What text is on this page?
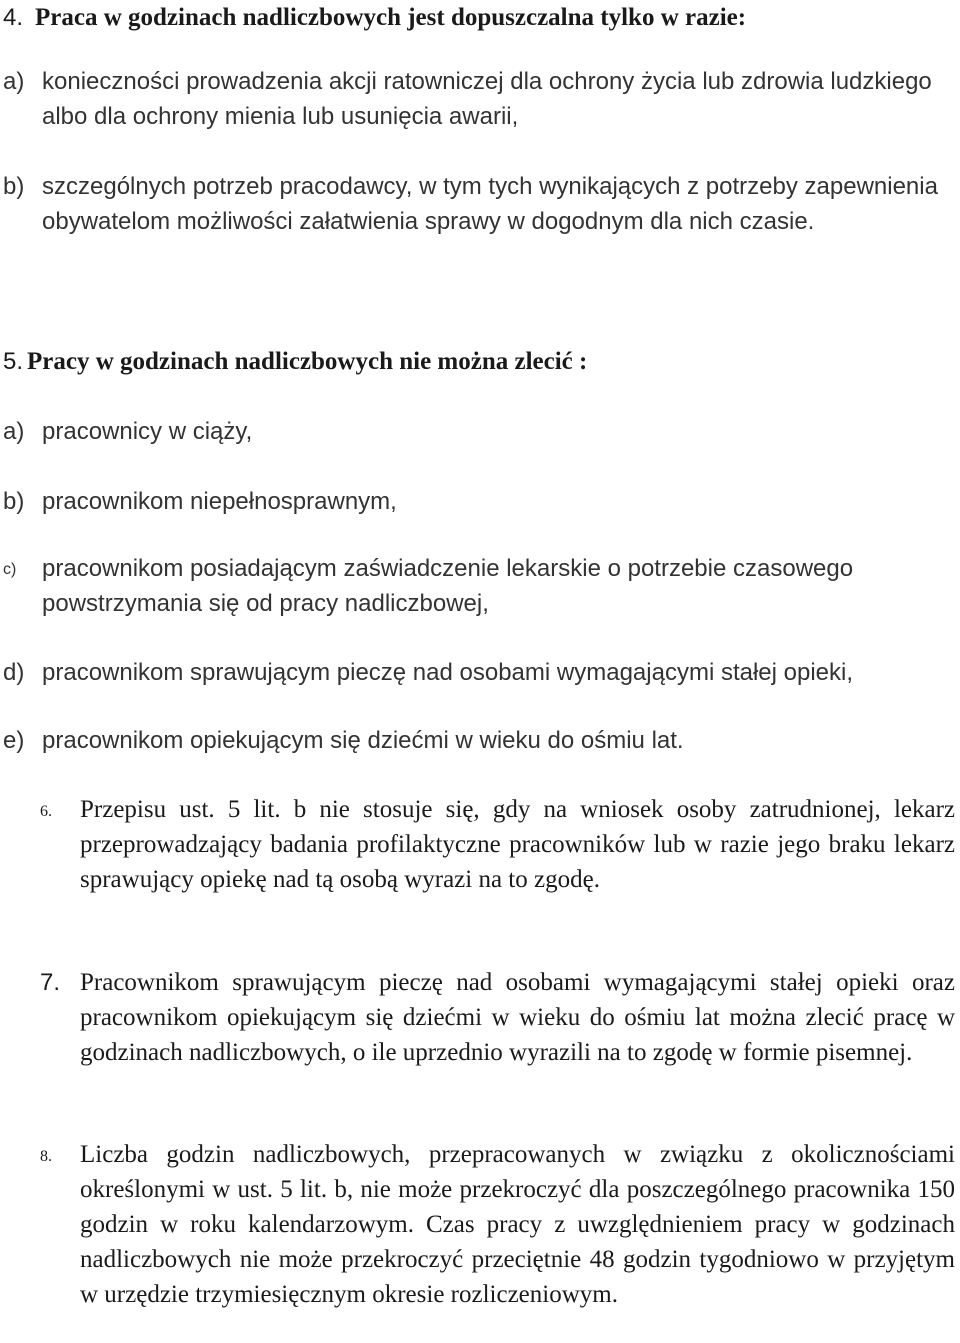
4. Praca w godzinach nadliczbowych jest dopuszczalna tylko w razie:
a) konieczności prowadzenia akcji ratowniczej dla ochrony życia lub zdrowia ludzkiego albo dla ochrony mienia lub usunięcia awarii,
b) szczególnych potrzeb pracodawcy, w tym tych wynikających z potrzeby zapewnienia obywatelom możliwości załatwienia sprawy w dogodnym dla nich czasie.
5. Pracy w godzinach nadliczbowych nie można zlecić :
a) pracownicy w ciąży,
b) pracownikom niepełnosprawnym,
c) pracownikom posiadającym zaświadczenie lekarskie o potrzebie czasowego powstrzymania się od pracy nadliczbowej,
d) pracownikom sprawującym pieczę nad osobami wymagającymi stałej opieki,
e) pracownikom opiekującym się dziećmi w wieku do ośmiu lat.
6. Przepisu ust. 5 lit. b nie stosuje się, gdy na wniosek osoby zatrudnionej, lekarz przeprowadzający badania profilaktyczne pracowników lub w razie jego braku lekarz sprawujący opiekę nad tą osobą wyrazi na to zgodę.
7. Pracownikom sprawującym pieczę nad osobami wymagającymi stałej opieki oraz pracownikom opiekującym się dziećmi w wieku do ośmiu lat można zlecić pracę w godzinach nadliczbowych, o ile uprzednio wyrazili na to zgodę w formie pisemnej.
8. Liczba godzin nadliczbowych, przepracowanych w związku z okolicznościami określonymi w ust. 5 lit. b, nie może przekroczyć dla poszczególnego pracownika 150 godzin w roku kalendarzowym. Czas pracy z uwzględnieniem pracy w godzinach nadliczbowych nie może przekroczyć przeciętnie 48 godzin tygodniowo w przyjętym w urzędzie trzymiesięcznym okresie rozliczeniowym.
